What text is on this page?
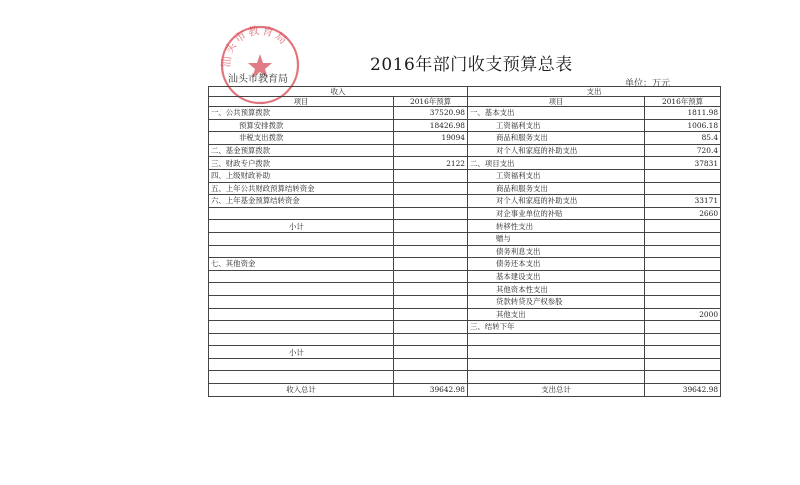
汕头市教育局
2016年部门收支预算总表
汕头市教育局	单位：万元
收入		支出	
项目	2016年预算	项目	2016年预算
一、公共预算拨款	37520.98	一、基本支出	1811.98
预算安排拨款	18426.98	工资福利支出	1006.18
非税支出拨款	19094	商品和服务支出	85.4
二、基金预算拨款		对个人和家庭的补助支出	720.4
三、财政专户拨款	2122	二、项目支出	37831
四、上级财政补助		工资福利支出	
五、上年公共财政预算结转资金		商品和服务支出	
六、上年基金预算结转资金		对个人和家庭的补助支出	33171
		对企事业单位的补贴	2660
小计		转移性支出	
		赠与	
		债务利息支出	
七、其他资金		债务还本支出	
		基本建设支出	
		其他资本性支出	
		贷款转贷及产权参股	
		其他支出	2000
		三、结转下年	

小计			

收入总计	39642.98	支出总计	39642.98
